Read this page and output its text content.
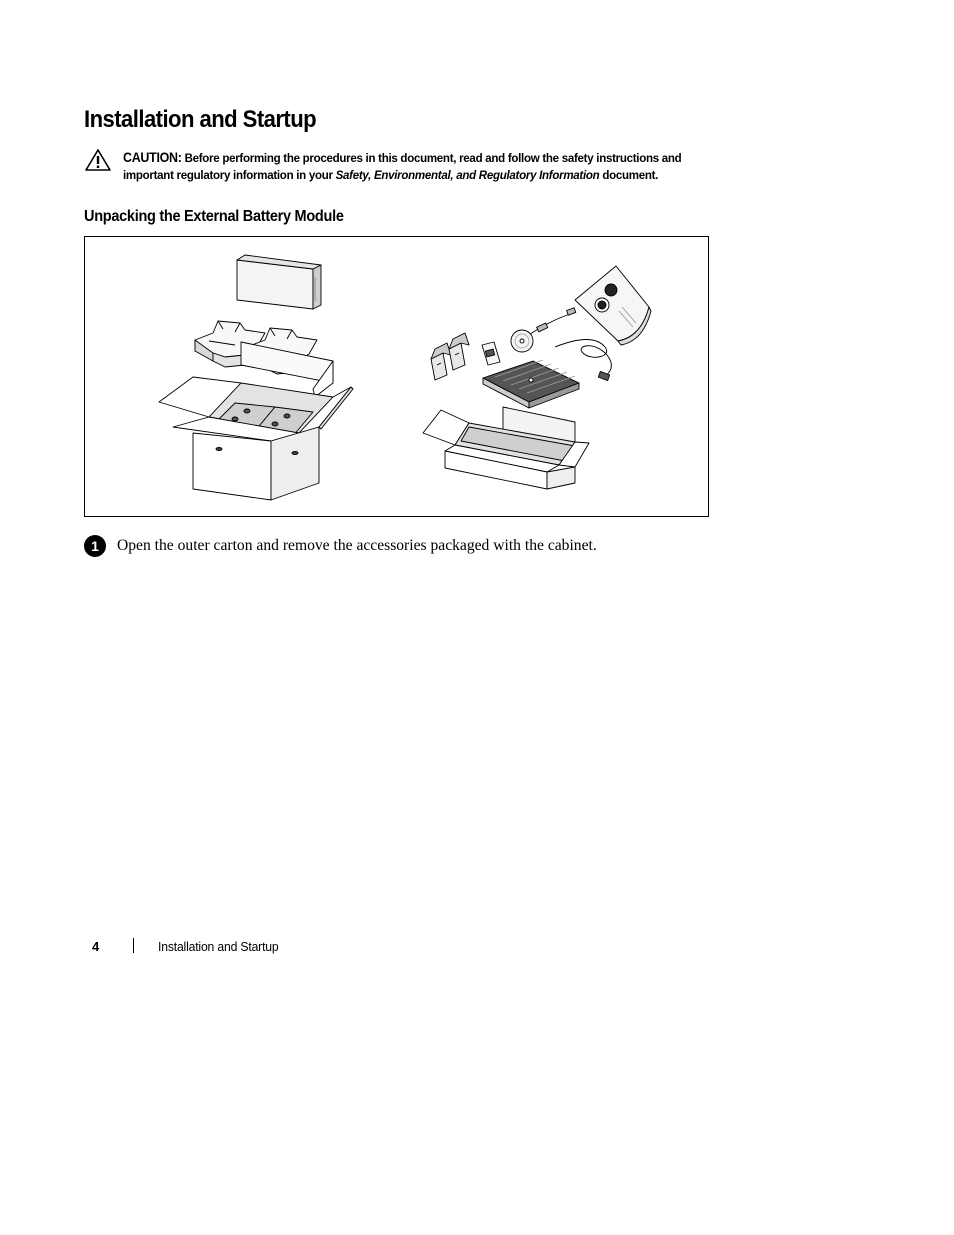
Installation and Startup
CAUTION: Before performing the procedures in this document, read and follow the safety instructions and important regulatory information in your Safety, Environmental, and Regulatory Information document.
Unpacking the External Battery Module
1	Open the outer carton and remove the accessories packaged with the cabinet.
4	Installation and Startup
